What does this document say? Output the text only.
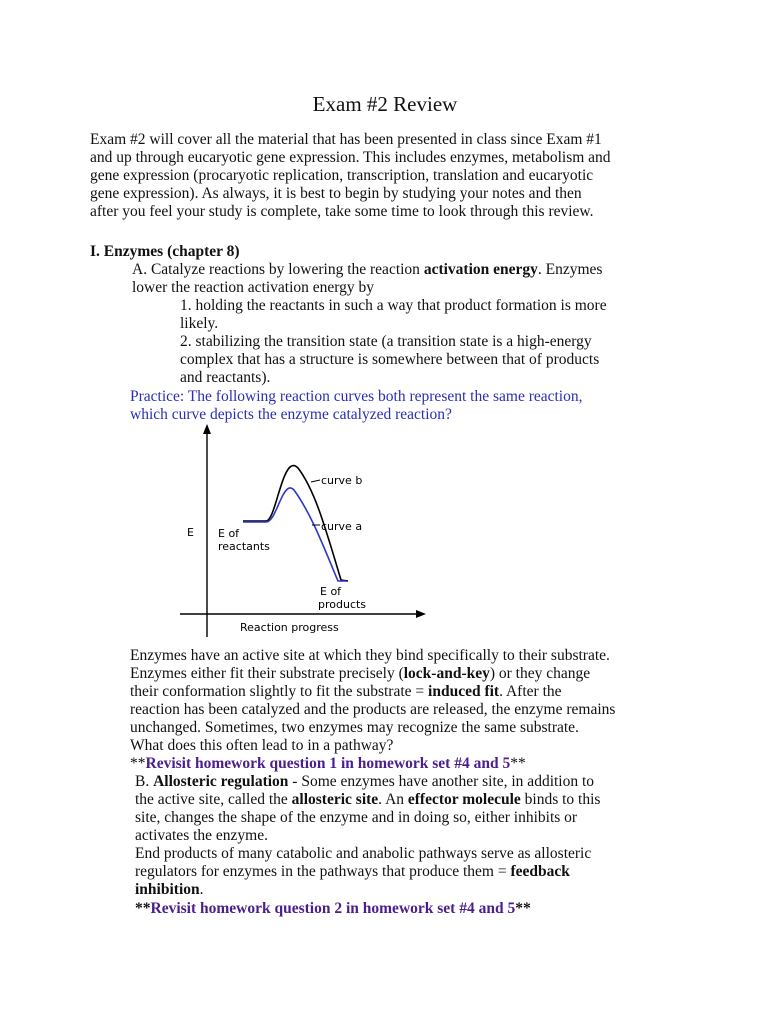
Exam #2 Review
Exam #2 will cover all the material that has been presented in class since Exam #1
and up through eucaryotic gene expression. This includes enzymes, metabolism and
gene expression (procaryotic replication, transcription, translation and eucaryotic
gene expression). As always, it is best to begin by studying your notes and then
after you feel your study is complete, take some time to look through this review.
I. Enzymes (chapter 8)
A. Catalyze reactions by lowering the reaction activation energy. Enzymes
lower the reaction activation energy by
1. holding the reactants in such a way that product formation is more
likely.
2. stabilizing the transition state (a transition state is a high-energy
complex that has a structure is somewhere between that of products
and reactants).
Practice: The following reaction curves both represent the same reaction,
which curve depicts the enzyme catalyzed reaction?
curve b
curve a
E E of
reactants
E of
products
Reaction progress
Enzymes have an active site at which they bind specifically to their substrate.
Enzymes either fit their substrate precisely (lock-and-key) or they change
their conformation slightly to fit the substrate = induced fit. After the
reaction has been catalyzed and the products are released, the enzyme remains
unchanged. Sometimes, two enzymes may recognize the same substrate.
What does this often lead to in a pathway?
**Revisit homework question 1 in homework set #4 and 5**
B. Allosteric regulation - Some enzymes have another site, in addition to
the active site, called the allosteric site. An effector molecule binds to this
site, changes the shape of the enzyme and in doing so, either inhibits or
activates the enzyme.
End products of many catabolic and anabolic pathways serve as allosteric
regulators for enzymes in the pathways that produce them = feedback
inhibition.
**Revisit homework question 2 in homework set #4 and 5**
